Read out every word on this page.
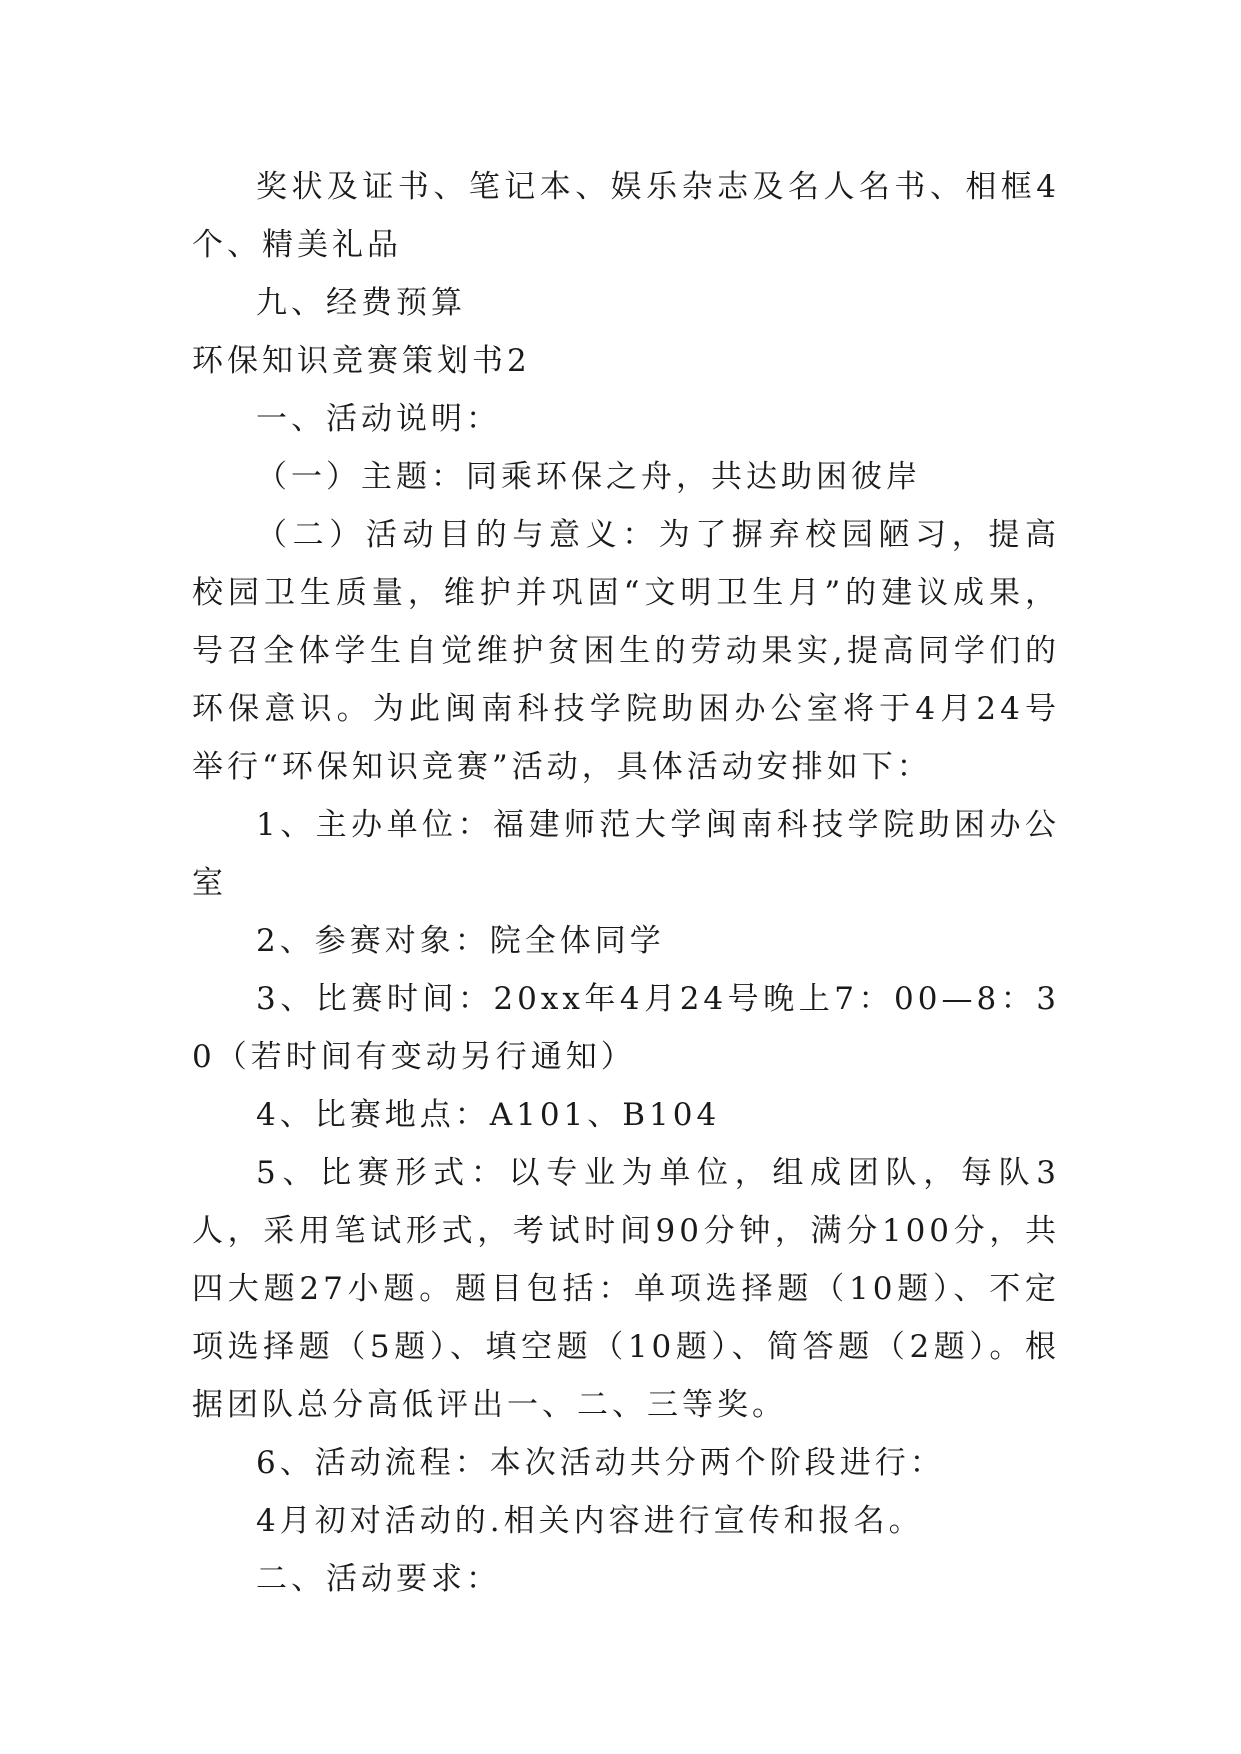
奖状及证书、笔记本、娱乐杂志及名人名书、相框4个、精美礼品

九、经费预算

环保知识竞赛策划书2

一、活动说明：

（一）主题：同乘环保之舟，共达助困彼岸

（二）活动目的与意义：为了摒弃校园陋习，提高校园卫生质量，维护并巩固“文明卫生月”的建议成果，号召全体学生自觉维护贫困生的劳动果实,提高同学们的环保意识。为此闽南科技学院助困办公室将于4月24号举行“环保知识竞赛”活动，具体活动安排如下：

1、主办单位：福建师范大学闽南科技学院助困办公室

2、参赛对象：院全体同学

3、比赛时间：20xx年4月24号晚上7：00—8：30（若时间有变动另行通知）

4、比赛地点：A101、B104

5、比赛形式：以专业为单位，组成团队，每队3人，采用笔试形式，考试时间90分钟，满分100分，共四大题27小题。题目包括：单项选择题（10题）、不定项选择题（5题）、填空题（10题）、简答题（2题）。根据团队总分高低评出一、二、三等奖。

6、活动流程：本次活动共分两个阶段进行：

4月初对活动的.相关内容进行宣传和报名。

二、活动要求：
